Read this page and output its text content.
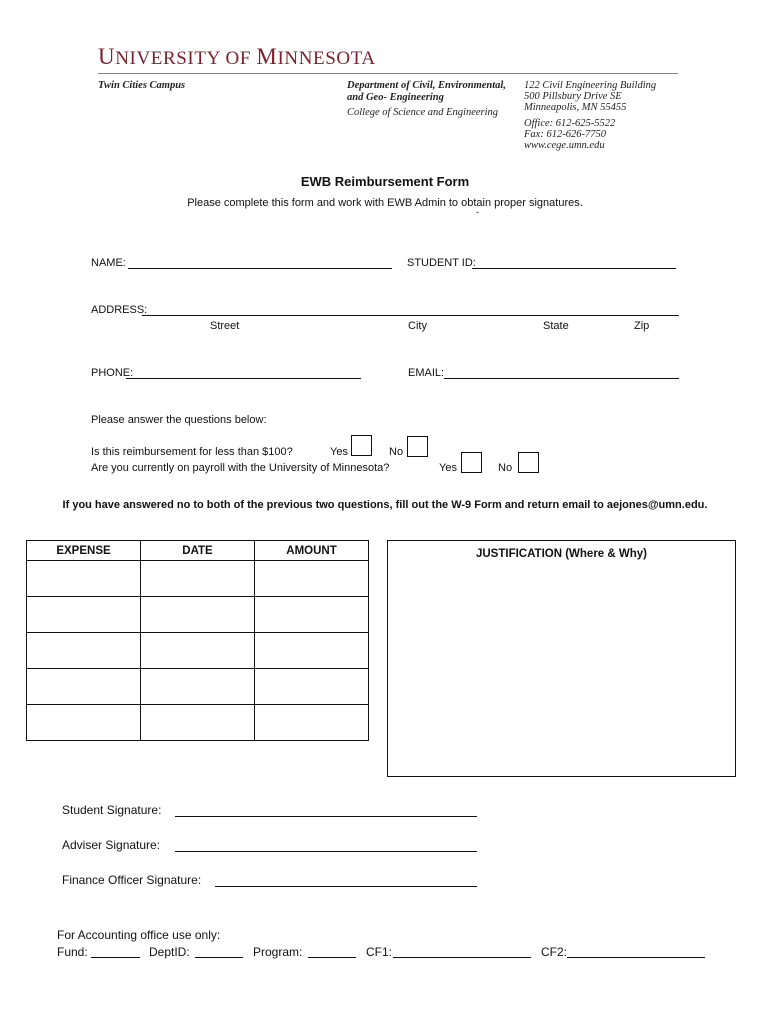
UNIVERSITY OF MINNESOTA
Twin Cities Campus	Department of Civil, Environmental,
and Geo- Engineering
College of Science and Engineering
122 Civil Engineering Building
500 Pillsbury Drive SE
Minneapolis, MN 55455
Office: 612-625-5522
Fax: 612-626-7750
www.cege.umn.edu
EWB Reimbursement Form
Please complete this form and work with EWB Admin to obtain proper signatures.
-
NAME:	STUDENT ID:
ADDRESS:
Street	City	State	Zip
PHONE:	EMAIL:
Please answer the questions below:
Is this reimbursement for less than $100?	Yes	No
Are you currently on payroll with the University of Minnesota?	Yes	No
If you have answered no to both of the previous two questions, fill out the W-9 Form and return email to aejones@umn.edu.
EXPENSE	DATE	AMOUNT

			JUSTIFICATION (Where & Why)
Student Signature:
Adviser Signature:
Finance Officer Signature:
For Accounting office use only:
Fund:	DeptID:	Program:	CF1:	CF2:
